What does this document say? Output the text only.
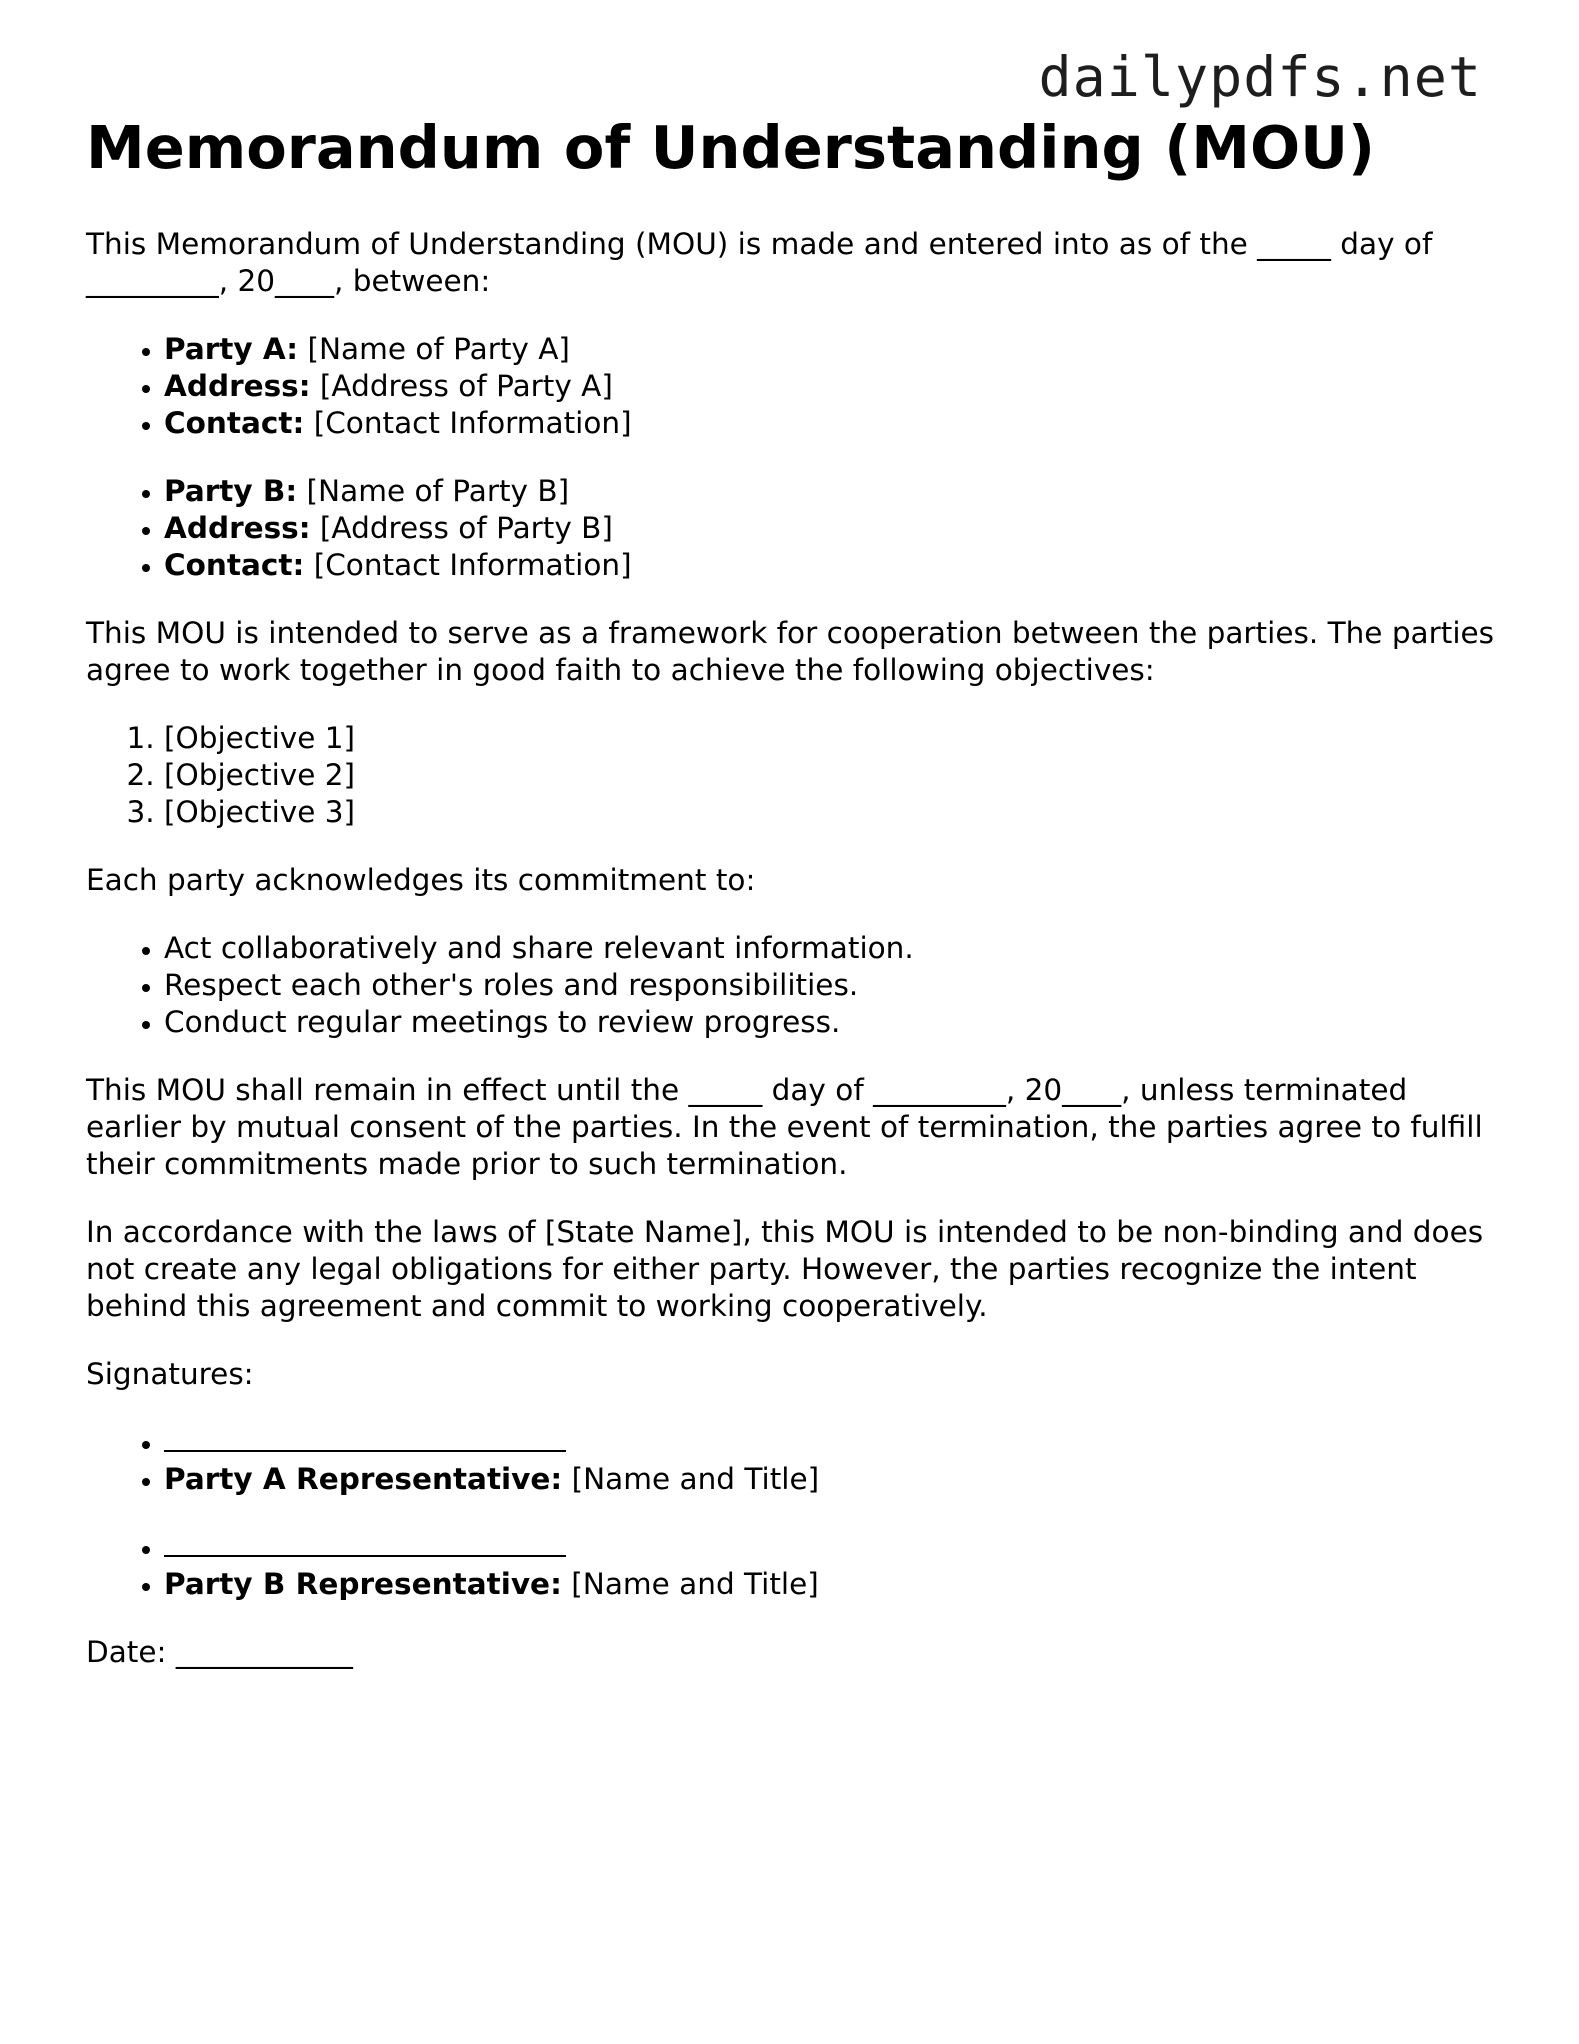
dailypdfs.net
Memorandum of Understanding (MOU)

This Memorandum of Understanding (MOU) is made and entered into as of the _____ day of _________, 20____, between:

• Party A: [Name of Party A]
• Address: [Address of Party A]
• Contact: [Contact Information]
• Party B: [Name of Party B]
• Address: [Address of Party B]
• Contact: [Contact Information]

This MOU is intended to serve as a framework for cooperation between the parties. The parties agree to work together in good faith to achieve the following objectives:

1. [Objective 1]
2. [Objective 2]
3. [Objective 3]

Each party acknowledges its commitment to:

• Act collaboratively and share relevant information.
• Respect each other's roles and responsibilities.
• Conduct regular meetings to review progress.

This MOU shall remain in effect until the _____ day of _________, 20____, unless terminated earlier by mutual consent of the parties. In the event of termination, the parties agree to fulfill their commitments made prior to such termination.

In accordance with the laws of [State Name], this MOU is intended to be non-binding and does not create any legal obligations for either party. However, the parties recognize the intent behind this agreement and commit to working cooperatively.

Signatures:

•
• Party A Representative: [Name and Title]
•
• Party B Representative: [Name and Title]

Date: ____________
